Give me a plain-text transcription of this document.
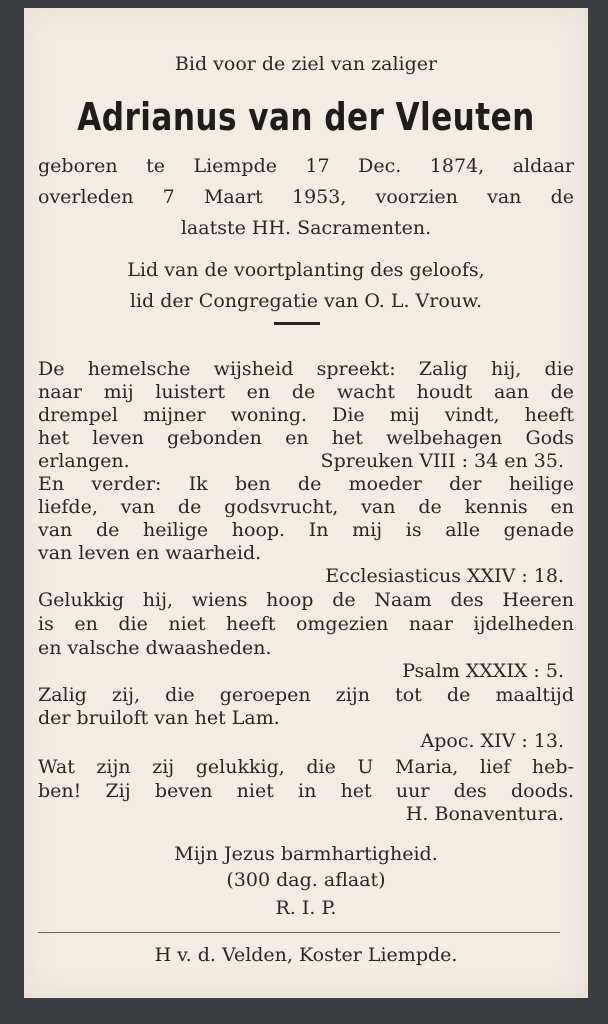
Bid voor de ziel van zaliger
Adrianus van der Vleuten
geboren te Liempde 17 Dec. 1874, aldaar
overleden 7 Maart 1953, voorzien van de
laatste HH. Sacramenten.
Lid van de voortplanting des geloofs,
lid der Congregatie van O. L. Vrouw.
De hemelsche wijsheid spreekt: Zalig hij, die
naar mij luistert en de wacht houdt aan de
drempel mijner woning. Die mij vindt, heeft
het leven gebonden en het welbehagen Gods
erlangen.	Spreuken VIII : 34 en 35.
En verder: Ik ben de moeder der heilige
liefde, van de godsvrucht, van de kennis en
van de heilige hoop. In mij is alle genade
van leven en waarheid.
Ecclesiasticus XXIV : 18.
Gelukkig hij, wiens hoop de Naam des Heeren
is en die niet heeft omgezien naar ijdelheden
en valsche dwaasheden.
Psalm XXXIX : 5.
Zalig zij, die geroepen zijn tot de maaltijd
der bruiloft van het Lam.
Apoc. XIV : 13.
Wat zijn zij gelukkig, die U Maria, lief heb-
ben! Zij beven niet in het uur des doods.
H. Bonaventura.
Mijn Jezus barmhartigheid.
(300 dag. aflaat)
R. I. P.
H v. d. Velden, Koster Liempde.
